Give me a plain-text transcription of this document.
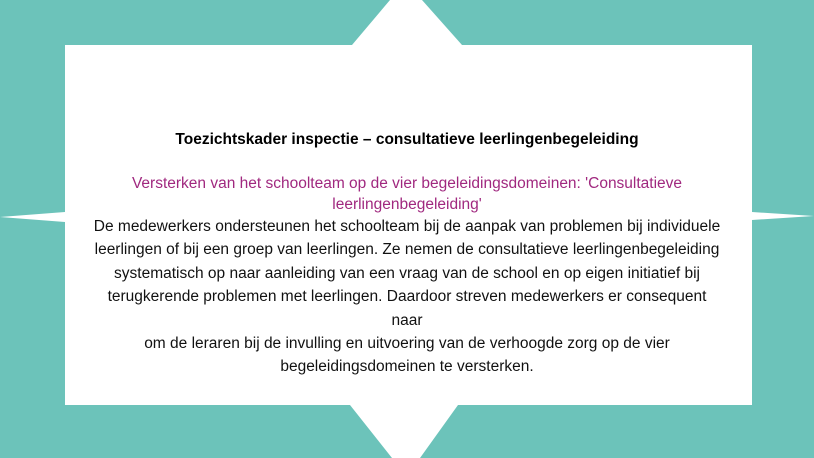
Toezichtskader inspectie – consultatieve leerlingenbegeleiding

Versterken van het schoolteam op de vier begeleidingsdomeinen: 'Consultatieve
leerlingenbegeleiding'

De medewerkers ondersteunen het schoolteam bij de aanpak van problemen bij individuele
leerlingen of bij een groep van leerlingen. Ze nemen de consultatieve leerlingenbegeleiding
systematisch op naar aanleiding van een vraag van de school en op eigen initiatief bij
terugkerende problemen met leerlingen. Daardoor streven medewerkers er consequent naar
om de leraren bij de invulling en uitvoering van de verhoogde zorg op de vier
begeleidingsdomeinen te versterken.
